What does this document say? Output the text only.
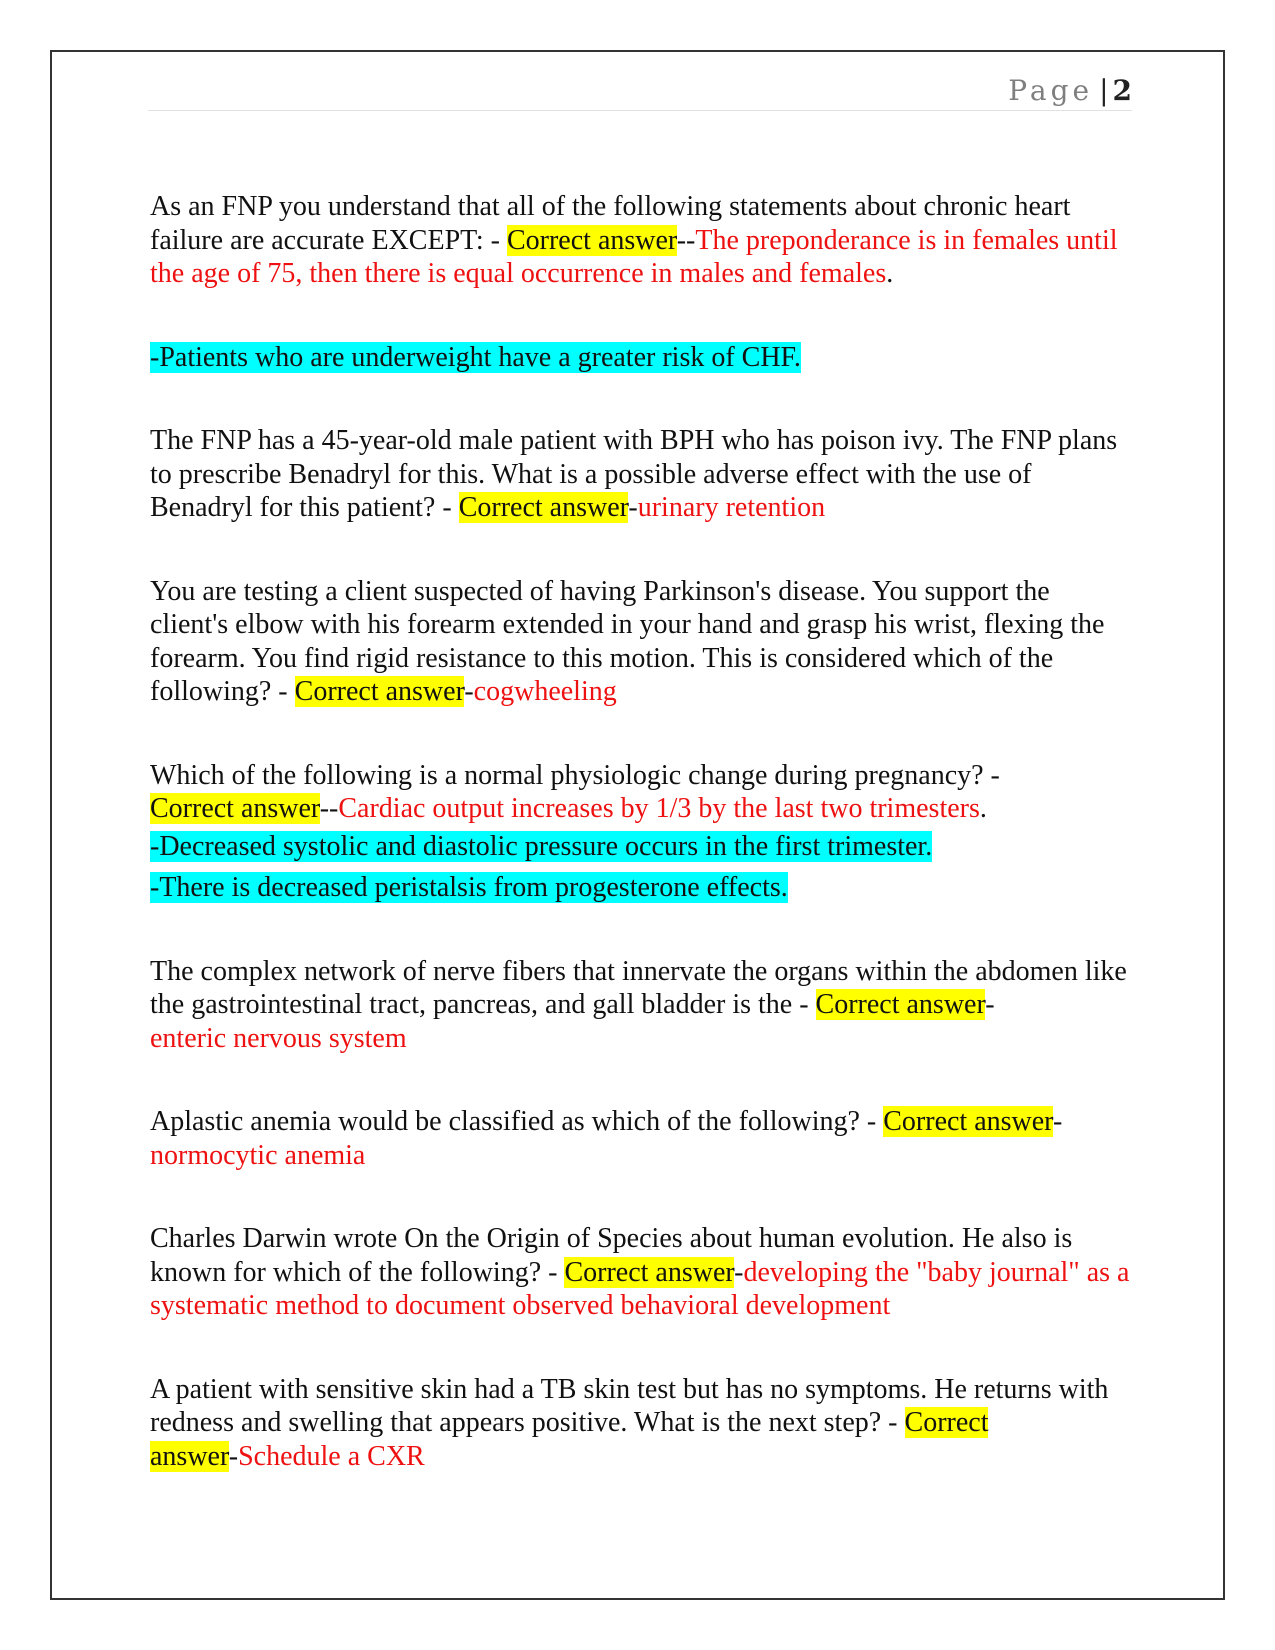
Page | 2

As an FNP you understand that all of the following statements about chronic heart failure are accurate EXCEPT: - Correct answer--The preponderance is in females until the age of 75, then there is equal occurrence in males and females.

-Patients who are underweight have a greater risk of CHF.

The FNP has a 45-year-old male patient with BPH who has poison ivy. The FNP plans to prescribe Benadryl for this. What is a possible adverse effect with the use of Benadryl for this patient? - Correct answer-urinary retention

You are testing a client suspected of having Parkinson's disease. You support the client's elbow with his forearm extended in your hand and grasp his wrist, flexing the forearm. You find rigid resistance to this motion. This is considered which of the following? - Correct answer-cogwheeling

Which of the following is a normal physiologic change during pregnancy? -
Correct answer--Cardiac output increases by 1/3 by the last two trimesters.

-Decreased systolic and diastolic pressure occurs in the first trimester.

-There is decreased peristalsis from progesterone effects.

The complex network of nerve fibers that innervate the organs within the abdomen like the gastrointestinal tract, pancreas, and gall bladder is the - Correct answer-
enteric nervous system

Aplastic anemia would be classified as which of the following? - Correct answer-
normocytic anemia

Charles Darwin wrote On the Origin of Species about human evolution. He also is known for which of the following? - Correct answer-developing the "baby journal" as a systematic method to document observed behavioral development

A patient with sensitive skin had a TB skin test but has no symptoms. He returns with redness and swelling that appears positive. What is the next step? - Correct
answer-Schedule a CXR
